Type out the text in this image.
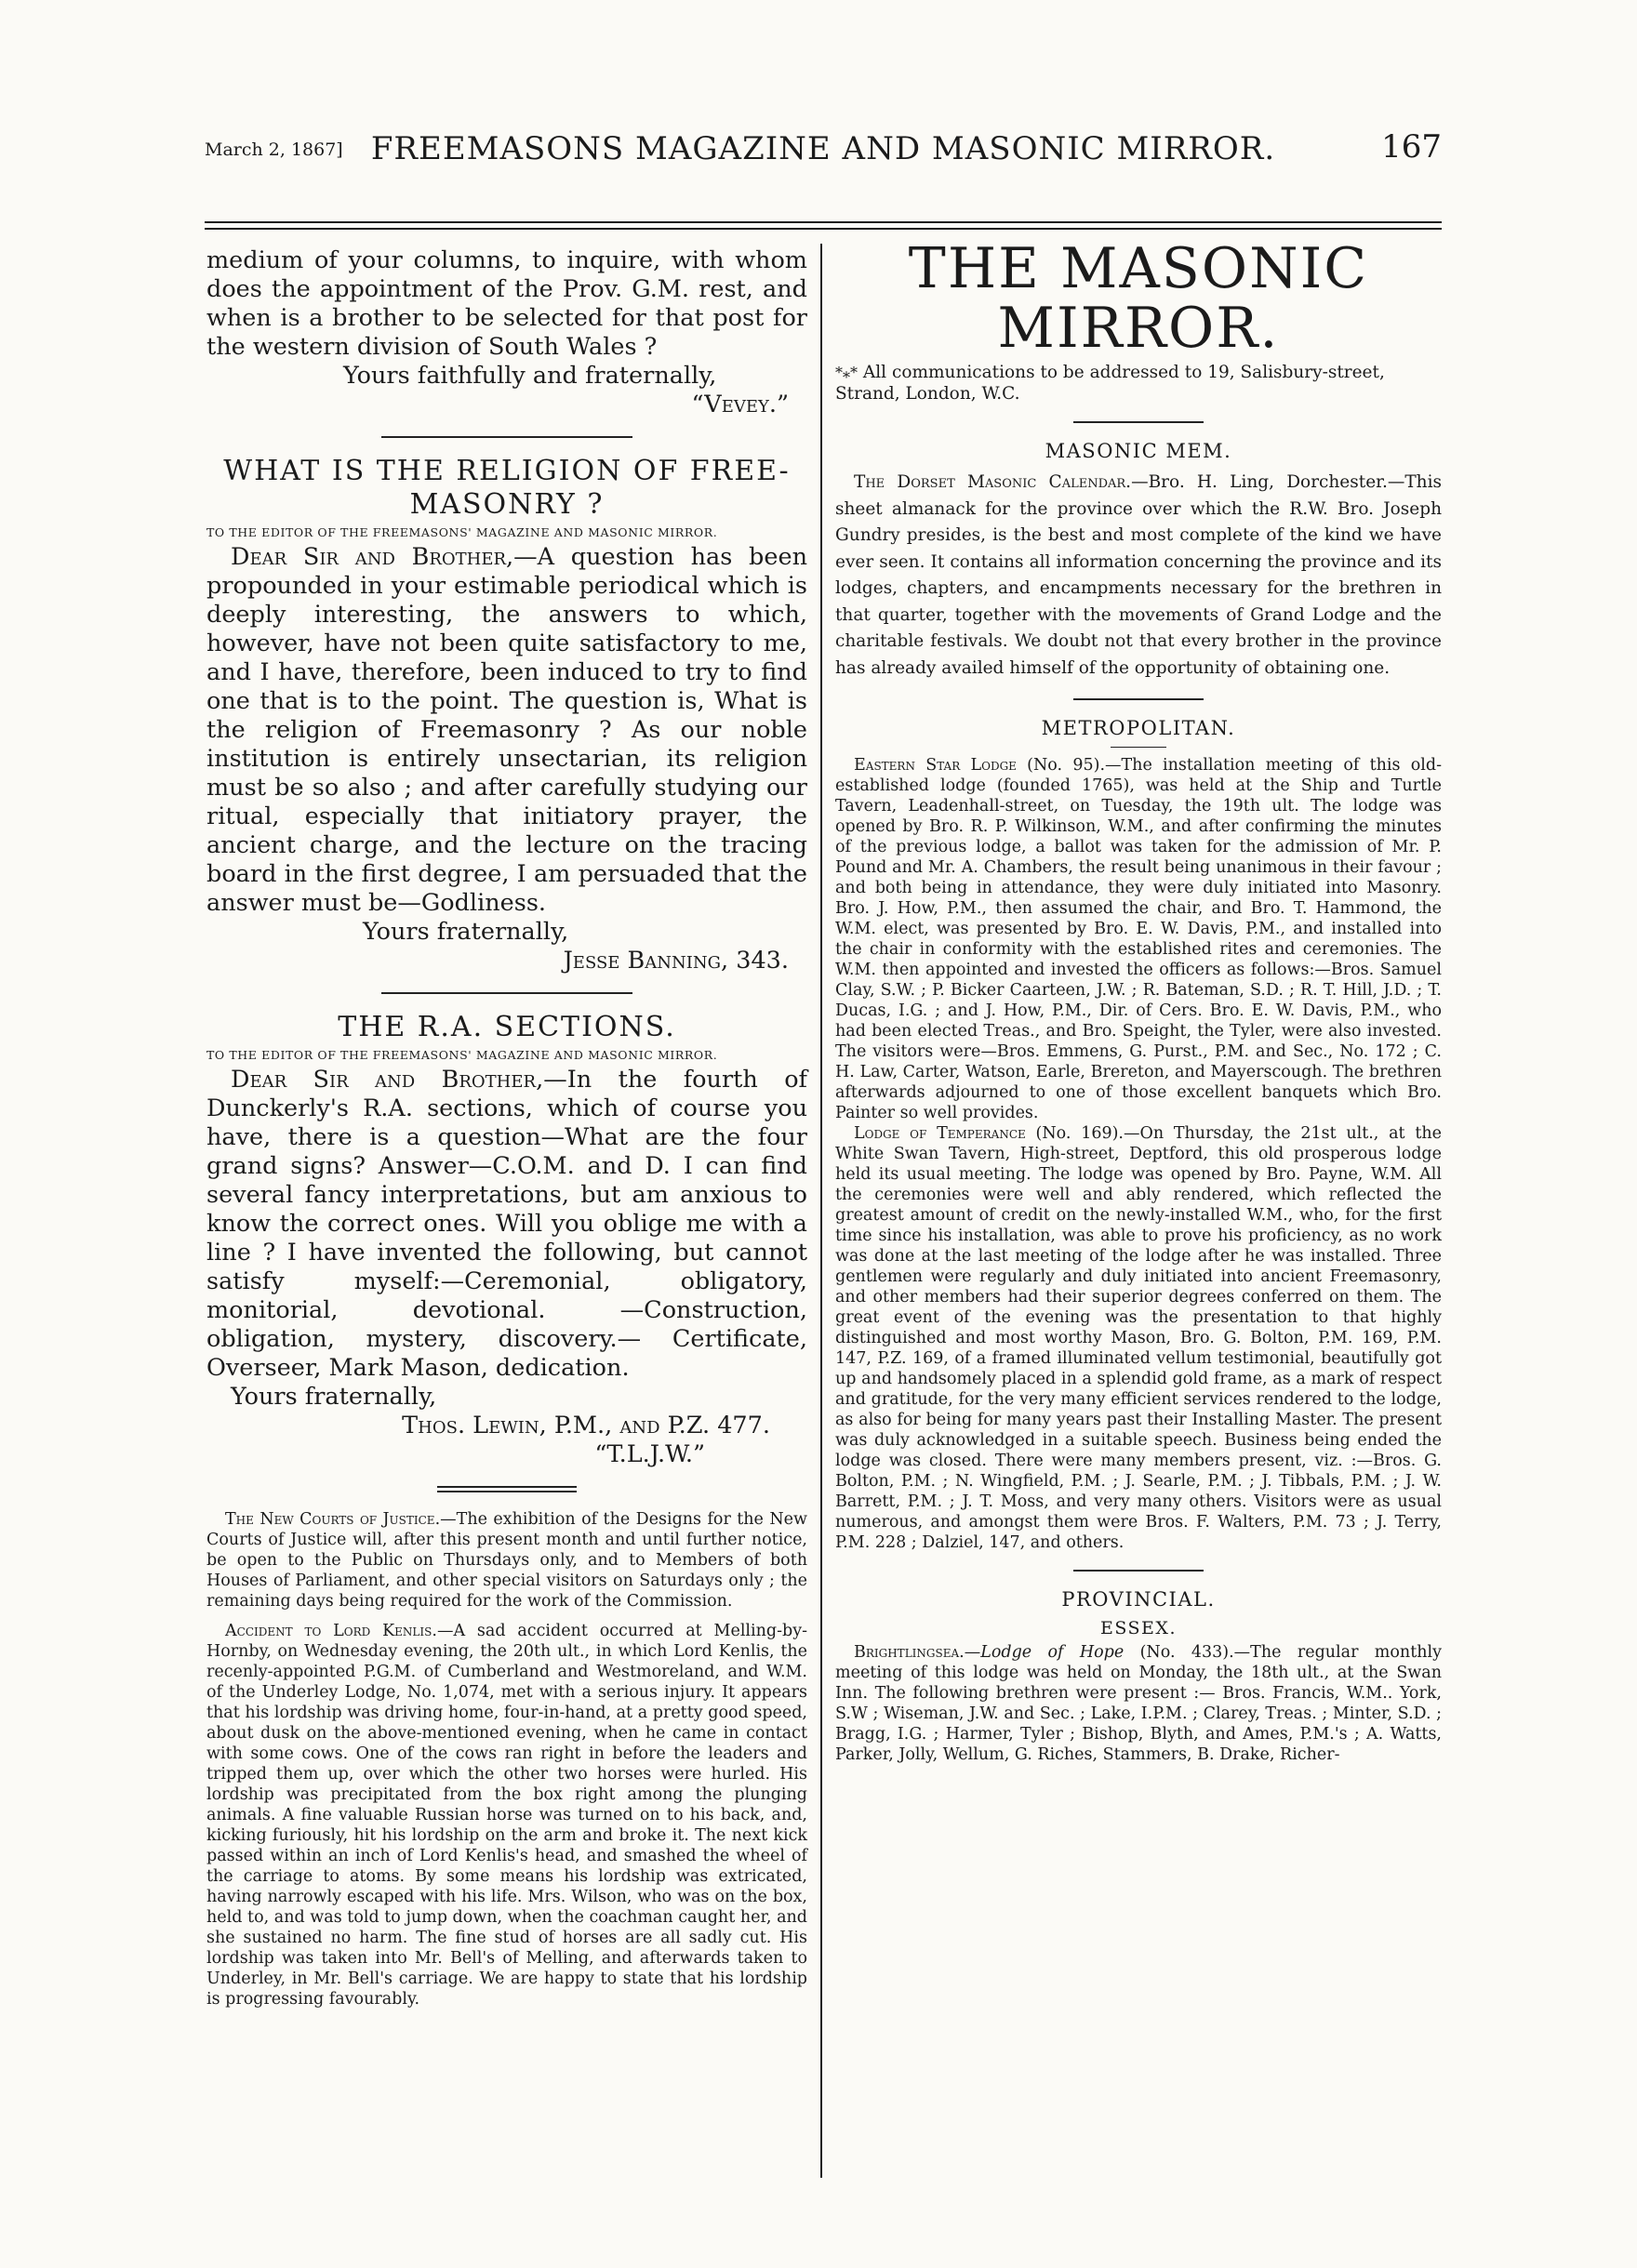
March 2, 1867] FREEMASONS MAGAZINE AND MASONIC MIRROR.	167

medium of your columns, to inquire, with whom does the appointment of the Prov. G.M. rest, and when is a brother to be selected for that post for the western division of South Wales ?

Yours faithfully and fraternally,
“Vevey.”
WHAT IS THE RELIGION OF FREE-MASONRY ?
TO THE EDITOR OF THE FREEMASONS' MAGAZINE AND MASONIC MIRROR.

Dear Sir and Brother,—A question has been propounded in your estimable periodical which is deeply interesting, the answers to which, however, have not been quite satisfactory to me, and I have, therefore, been induced to try to find one that is to the point. The question is, What is the religion of Freemasonry ? As our noble institution is entirely unsectarian, its religion must be so also ; and after carefully studying our ritual, especially that initiatory prayer, the ancient charge, and the lecture on the tracing board in the first degree, I am persuaded that the answer must be—Godliness.

Yours fraternally,
Jesse Banning, 343.
THE R.A. SECTIONS.
TO THE EDITOR OF THE FREEMASONS' MAGAZINE AND MASONIC MIRROR.

Dear Sir and Brother,—In the fourth of Dunckerly's R.A. sections, which of course you have, there is a question—What are the four grand signs? Answer—C.O.M. and D. I can find several fancy interpretations, but am anxious to know the correct ones. Will you oblige me with a line ? I have invented the following, but cannot satisfy myself:—Ceremonial, obligatory, monitorial, devotional. —Construction, obligation, mystery, discovery.— Certificate, Overseer, Mark Mason, dedication.

Yours fraternally,
Thos. Lewin, P.M., and P.Z. 477.
“T.L.J.W.”

The New Courts of Justice.—The exhibition of the Designs for the New Courts of Justice will, after this present month and until further notice, be open to the Public on Thursdays only, and to Members of both Houses of Parliament, and other special visitors on Saturdays only ; the remaining days being required for the work of the Commission.

Accident to Lord Kenlis.—A sad accident occurred at Melling-by-Hornby, on Wednesday evening, the 20th ult., in which Lord Kenlis, the recenly-appointed P.G.M. of Cumberland and Westmoreland, and W.M. of the Underley Lodge, No. 1,074, met with a serious injury. It appears that his lordship was driving home, four-in-hand, at a pretty good speed, about dusk on the above-mentioned evening, when he came in contact with some cows. One of the cows ran right in before the leaders and tripped them up, over which the other two horses were hurled. His lordship was precipitated from the box right among the plunging animals. A fine valuable Russian horse was turned on to his back, and, kicking furiously, hit his lordship on the arm and broke it. The next kick passed within an inch of Lord Kenlis's head, and smashed the wheel of the carriage to atoms. By some means his lordship was extricated, having narrowly escaped with his life. Mrs. Wilson, who was on the box, held to, and was told to jump down, when the coachman caught her, and she sustained no harm. The fine stud of horses are all sadly cut. His lordship was taken into Mr. Bell's of Melling, and afterwards taken to Underley, in Mr. Bell's carriage. We are happy to state that his lordship is progressing favourably.

THE MASONIC MIRROR.
*⁎* All communications to be addressed to 19, Salisbury-street, Strand, London, W.C.
MASONIC MEM.

The Dorset Masonic Calendar.—Bro. H. Ling, Dorchester.—This sheet almanack for the province over which the R.W. Bro. Joseph Gundry presides, is the best and most complete of the kind we have ever seen. It contains all information concerning the province and its lodges, chapters, and encampments necessary for the brethren in that quarter, together with the movements of Grand Lodge and the charitable festivals. We doubt not that every brother in the province has already availed himself of the opportunity of obtaining one.

METROPOLITAN.

Eastern Star Lodge (No. 95).—The installation meeting of this old-established lodge (founded 1765), was held at the Ship and Turtle Tavern, Leadenhall-street, on Tuesday, the 19th ult. The lodge was opened by Bro. R. P. Wilkinson, W.M., and after confirming the minutes of the previous lodge, a ballot was taken for the admission of Mr. P. Pound and Mr. A. Chambers, the result being unanimous in their favour ; and both being in attendance, they were duly initiated into Masonry. Bro. J. How, P.M., then assumed the chair, and Bro. T. Hammond, the W.M. elect, was presented by Bro. E. W. Davis, P.M., and installed into the chair in conformity with the established rites and ceremonies. The W.M. then appointed and invested the officers as follows:—Bros. Samuel Clay, S.W. ; P. Bicker Caarteen, J.W. ; R. Bateman, S.D. ; R. T. Hill, J.D. ; T. Ducas, I.G. ; and J. How, P.M., Dir. of Cers. Bro. E. W. Davis, P.M., who had been elected Treas., and Bro. Speight, the Tyler, were also invested. The visitors were—Bros. Emmens, G. Purst., P.M. and Sec., No. 172 ; C. H. Law, Carter, Watson, Earle, Brereton, and Mayerscough. The brethren afterwards adjourned to one of those excellent banquets which Bro. Painter so well provides.

Lodge of Temperance (No. 169).—On Thursday, the 21st ult., at the White Swan Tavern, High-street, Deptford, this old prosperous lodge held its usual meeting. The lodge was opened by Bro. Payne, W.M. All the ceremonies were well and ably rendered, which reflected the greatest amount of credit on the newly-installed W.M., who, for the first time since his installation, was able to prove his proficiency, as no work was done at the last meeting of the lodge after he was installed. Three gentlemen were regularly and duly initiated into ancient Freemasonry, and other members had their superior degrees conferred on them. The great event of the evening was the presentation to that highly distinguished and most worthy Mason, Bro. G. Bolton, P.M. 169, P.M. 147, P.Z. 169, of a framed illuminated vellum testimonial, beautifully got up and handsomely placed in a splendid gold frame, as a mark of respect and gratitude, for the very many efficient services rendered to the lodge, as also for being for many years past their Installing Master. The present was duly acknowledged in a suitable speech. Business being ended the lodge was closed. There were many members present, viz. :—Bros. G. Bolton, P.M. ; N. Wingfield, P.M. ; J. Searle, P.M. ; J. Tibbals, P.M. ; J. W. Barrett, P.M. ; J. T. Moss, and very many others. Visitors were as usual numerous, and amongst them were Bros. F. Walters, P.M. 73 ; J. Terry, P.M. 228 ; Dalziel, 147, and others.

PROVINCIAL.
ESSEX.

Brightlingsea.—Lodge of Hope (No. 433).—The regular monthly meeting of this lodge was held on Monday, the 18th ult., at the Swan Inn. The following brethren were present :— Bros. Francis, W.M.. York, S.W ; Wiseman, J.W. and Sec. ; Lake, I.P.M. ; Clarey, Treas. ; Minter, S.D. ; Bragg, I.G. ; Harmer, Tyler ; Bishop, Blyth, and Ames, P.M.'s ; A. Watts, Parker, Jolly, Wellum, G. Riches, Stammers, B. Drake, Richer-
